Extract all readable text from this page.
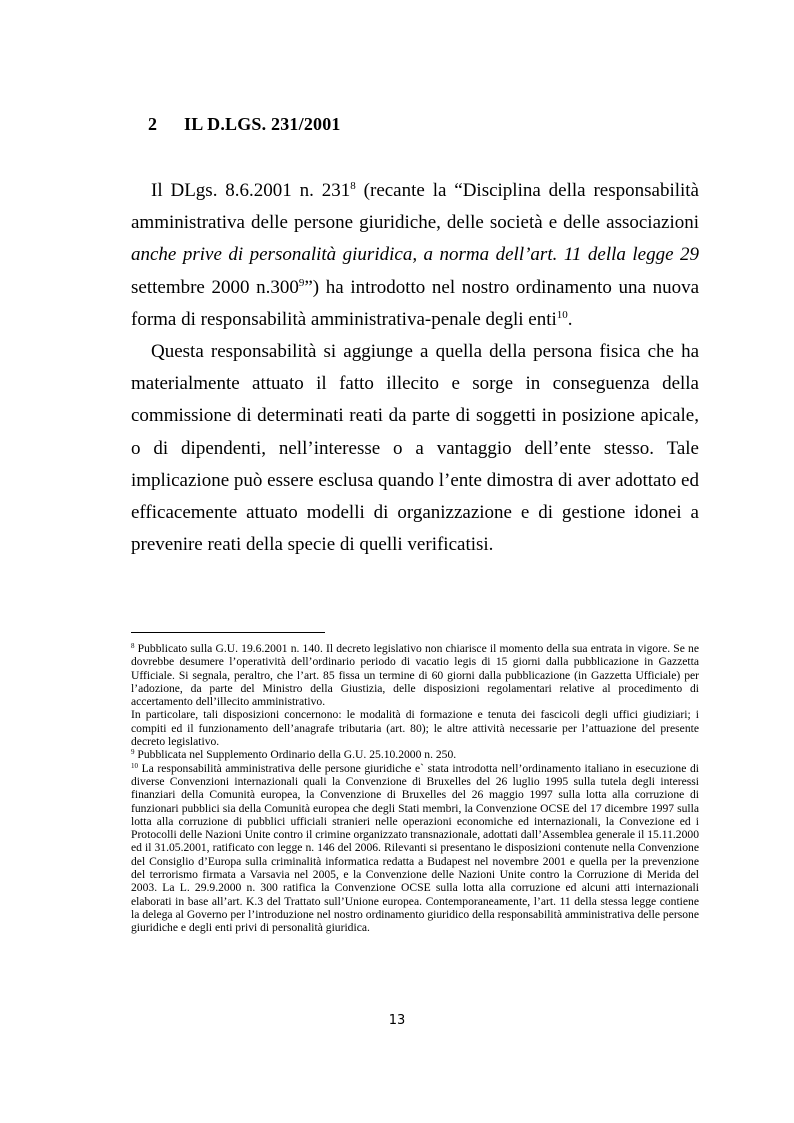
2 IL D.LGS. 231/2001

Il DLgs. 8.6.2001 n. $231^8$ (recante la “Disciplina della responsabilità amministrativa delle persone giuridiche, delle società e delle associazioni anche prive di personalità giuridica, a norma dell’art. 11 della legge 29 settembre 2000 n.300$^9$”) ha introdotto nel nostro ordinamento una nuova forma di responsabilità amministrativa-penale degli enti$^{10}$.

Questa responsabilità si aggiunge a quella della persona fisica che ha materialmente attuato il fatto illecito e sorge in conseguenza della commissione di determinati reati da parte di soggetti in posizione apicale, o di dipendenti, nell’interesse o a vantaggio dell’ente stesso. Tale implicazione può essere esclusa quando l’ente dimostra di aver adottato ed efficacemente attuato modelli di organizzazione e di gestione idonei a prevenire reati della specie di quelli verificatisi.

$^8$ Pubblicato sulla G.U. 19.6.2001 n. 140. Il decreto legislativo non chiarisce il momento della sua entrata in vigore. Se ne dovrebbe desumere l’operatività dell’ordinario periodo di vacatio legis di 15 giorni dalla pubblicazione in Gazzetta Ufficiale. Si segnala, peraltro, che l’art. 85 fissa un termine di 60 giorni dalla pubblicazione (in Gazzetta Ufficiale) per l’adozione, da parte del Ministro della Giustizia, delle disposizioni regolamentari relative al procedimento di accertamento dell’illecito amministrativo.

In particolare, tali disposizioni concernono: le modalità di formazione e tenuta dei fascicoli degli uffici giudiziari; i compiti ed il funzionamento dell’anagrafe tributaria (art. 80); le altre attività necessarie per l’attuazione del presente decreto legislativo.

$^9$ Pubblicata nel Supplemento Ordinario della G.U. 25.10.2000 n. 250.

$^{10}$ La responsabilità amministrativa delle persone giuridiche e` stata introdotta nell’ordinamento italiano in esecuzione di diverse Convenzioni internazionali quali la Convenzione di Bruxelles del 26 luglio 1995 sulla tutela degli interessi finanziari della Comunità europea, la Convenzione di Bruxelles del 26 maggio 1997 sulla lotta alla corruzione di funzionari pubblici sia della Comunità europea che degli Stati membri, la Convenzione OCSE del 17 dicembre 1997 sulla lotta alla corruzione di pubblici ufficiali stranieri nelle operazioni economiche ed internazionali, la Convezione ed i Protocolli delle Nazioni Unite contro il crimine organizzato transnazionale, adottati dall’Assemblea generale il 15.11.2000 ed il 31.05.2001, ratificato con legge n. 146 del 2006. Rilevanti si presentano le disposizioni contenute nella Convenzione del Consiglio d’Europa sulla criminalità informatica redatta a Budapest nel novembre 2001 e quella per la prevenzione del terrorismo firmata a Varsavia nel 2005, e la Convenzione delle Nazioni Unite contro la Corruzione di Merida del 2003. La L. 29.9.2000 n. 300 ratifica la Convenzione OCSE sulla lotta alla corruzione ed alcuni atti internazionali elaborati in base all’art. K.3 del Trattato sull’Unione europea. Contemporaneamente, l’art. 11 della stessa legge contiene la delega al Governo per l’introduzione nel nostro ordinamento giuridico della responsabilità amministrativa delle persone giuridiche e degli enti privi di personalità giuridica.

13
